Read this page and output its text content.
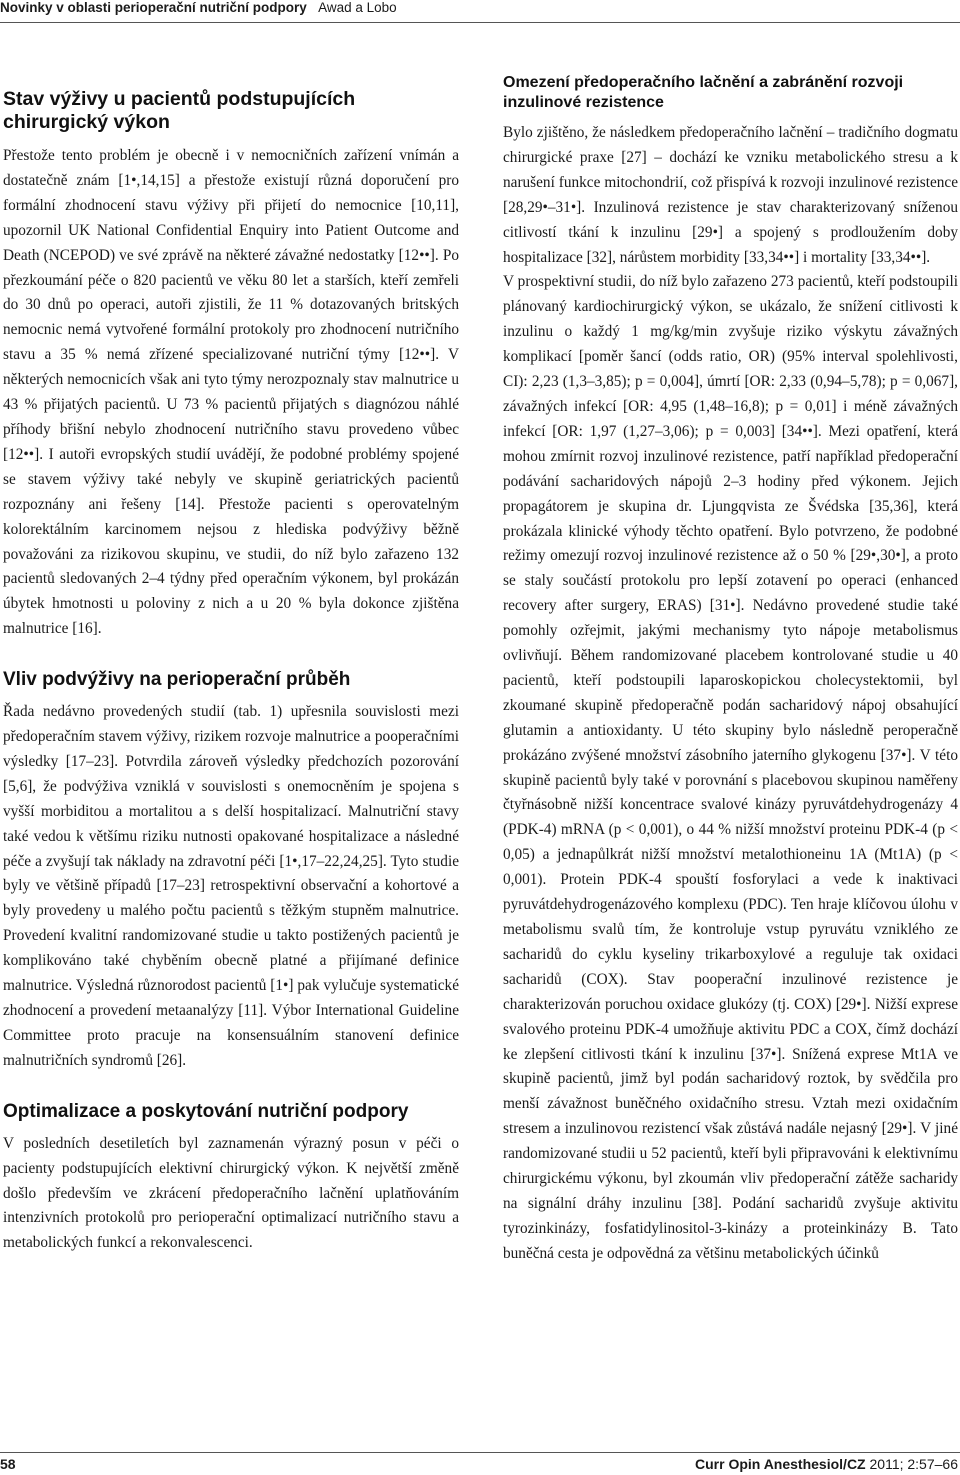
Novinky v oblasti perioperační nutriční podpory Awad a Lobo
Stav výživy u pacientů podstupujících chirurgický výkon

Přestože tento problém je obecně i v nemocničních zařízení vnímán a dostatečně znám [1•,14,15] a přestože existují různá doporučení pro formální zhodnocení stavu výživy při přijetí do nemocnice [10,11], upozornil UK National Confidential Enquiry into Patient Outcome and Death (NCEPOD) ve své zprávě na některé závažné nedostatky [12••]. Po přezkoumání péče o 820 pacientů ve věku 80 let a starších, kteří zemřeli do 30 dnů po operaci, autoři zjistili, že 11 % dotazovaných britských nemocnic nemá vytvořené formální protokoly pro zhodnocení nutričního stavu a 35 % nemá zřízené specializované nutriční týmy [12••]. V některých nemocnicích však ani tyto týmy nerozpoznaly stav malnutrice u 43 % přijatých pacientů. U 73 % pacientů přijatých s diagnózou náhlé příhody břišní nebylo zhodnocení nutričního stavu provedeno vůbec [12••]. I autoři evropských studií uvádějí, že podobné problémy spojené se stavem výživy také nebyly ve skupině geriatrických pacientů rozpoznány ani řešeny [14]. Přestože pacienti s operovatelným kolorektálním karcinomem nejsou z hlediska podvýživy běžně považováni za rizikovou skupinu, ve studii, do níž bylo zařazeno 132 pacientů sledovaných 2–4 týdny před operačním výkonem, byl prokázán úbytek hmotnosti u poloviny z nich a u 20 % byla dokonce zjištěna malnutrice [16].

Vliv podvýživy na perioperační průběh

Řada nedávno provedených studií (tab. 1) upřesnila souvislosti mezi předoperačním stavem výživy, rizikem rozvoje malnutrice a pooperačními výsledky [17–23]. Potvrdila zároveň výsledky předchozích pozorování [5,6], že podvýživa vzniklá v souvislosti s onemocněním je spojena s vyšší morbiditou a mortalitou a s delší hospitalizací. Malnutriční stavy také vedou k většímu riziku nutnosti opakované hospitalizace a následné péče a zvyšují tak náklady na zdravotní péči [1•,17–22,24,25]. Tyto studie byly ve většině případů [17–23] retrospektivní observační a kohortové a byly provedeny u malého počtu pacientů s těžkým stupněm malnutrice. Provedení kvalitní randomizované studie u takto postižených pacientů je komplikováno také chyběním obecně platné a přijímané definice malnutrice. Výsledná různorodost pacientů [1•] pak vylučuje systematické zhodnocení a provedení metaanalýzy [11]. Výbor International Guideline Committee proto pracuje na konsensuálním stanovení definice malnutričních syndromů [26].

Optimalizace a poskytování nutriční podpory

V posledních desetiletích byl zaznamenán výrazný posun v péči o pacienty podstupujících elektivní chirurgický výkon. K největší změně došlo především ve zkrácení předoperačního lačnění uplatňováním intenzivních protokolů pro perioperační optimalizací nutričního stavu a metabolických funkcí a rekonvalescenci.

Omezení předoperačního lačnění a zabránění rozvoji inzulinové rezistence

Bylo zjištěno, že následkem předoperačního lačnění – tradičního dogmatu chirurgické praxe [27] – dochází ke vzniku metabolického stresu a k narušení funkce mitochondrií, což přispívá k rozvoji inzulinové rezistence [28,29•–31•]. Inzulinová rezistence je stav charakterizovaný sníženou citlivostí tkání k inzulinu [29•] a spojený s prodloužením doby hospitalizace [32], nárůstem morbidity [33,34••] i mortality [33,34••].

V prospektivní studii, do níž bylo zařazeno 273 pacientů, kteří podstoupili plánovaný kardiochirurgický výkon, se ukázalo, že snížení citlivosti k inzulinu o každý 1 mg/kg/min zvyšuje riziko výskytu závažných komplikací [poměr šancí (odds ratio, OR) (95% interval spolehlivosti, CI): 2,23 (1,3–3,85); p = 0,004], úmrtí [OR: 2,33 (0,94–5,78); p = 0,067], závažných infekcí [OR: 4,95 (1,48–16,8); p = 0,01] i méně závažných infekcí [OR: 1,97 (1,27–3,06); p = 0,003] [34••]. Mezi opatření, která mohou zmírnit rozvoj inzulinové rezistence, patří například předoperační podávání sacharidových nápojů 2–3 hodiny před výkonem. Jejich propagátorem je skupina dr. Ljungqvista ze Švédska [35,36], která prokázala klinické výhody těchto opatření. Bylo potvrzeno, že podobné režimy omezují rozvoj inzulinové rezistence až o 50 % [29•,30•], a proto se staly součástí protokolu pro lepší zotavení po operaci (enhanced recovery after surgery, ERAS) [31•]. Nedávno provedené studie také pomohly ozřejmit, jakými mechanismy tyto nápoje metabolismus ovlivňují. Během randomizované placebem kontrolované studie u 40 pacientů, kteří podstoupili laparoskopickou cholecystektomii, byl zkoumané skupině předoperačně podán sacharidový nápoj obsahující glutamin a antioxidanty. U této skupiny bylo následně peroperačně prokázáno zvýšené množství zásobního jaterního glykogenu [37•]. V této skupině pacientů byly také v porovnání s placebovou skupinou naměřeny čtyřnásobně nižší koncentrace svalové kinázy pyruvátdehydrogenázy 4 (PDK-4) mRNA (p < 0,001), o 44 % nižší množství proteinu PDK-4 (p < 0,05) a jednapůlkrát nižší množství metalothioneinu 1A (Mt1A) (p < 0,001). Protein PDK-4 spouští fosforylaci a vede k inaktivaci pyruvátdehydrogenázového komplexu (PDC). Ten hraje klíčovou úlohu v metabolismu svalů tím, že kontroluje vstup pyruvátu vzniklého ze sacharidů do cyklu kyseliny trikarboxylové a reguluje tak oxidaci sacharidů (COX). Stav pooperační inzulinové rezistence je charakterizován poruchou oxidace glukózy (tj. COX) [29•]. Nižší exprese svalového proteinu PDK-4 umožňuje aktivitu PDC a COX, čímž dochází ke zlepšení citlivosti tkání k inzulinu [37•]. Snížená exprese Mt1A ve skupině pacientů, jimž byl podán sacharidový roztok, by svědčila pro menší závažnost buněčného oxidačního stresu. Vztah mezi oxidačním stresem a inzulinovou rezistencí však zůstává nadále nejasný [29•]. V jiné randomizované studii u 52 pacientů, kteří byli připravováni k elektivnímu chirurgickému výkonu, byl zkoumán vliv předoperační zátěže sacharidy na signální dráhy inzulinu [38]. Podání sacharidů zvyšuje aktivitu tyrozinkinázy, fosfatidylinositol-3-kinázy a proteinkinázy B. Tato buněčná cesta je odpovědná za většinu metabolických účinků

58	Curr Opin Anesthesiol/CZ 2011; 2:57–66
